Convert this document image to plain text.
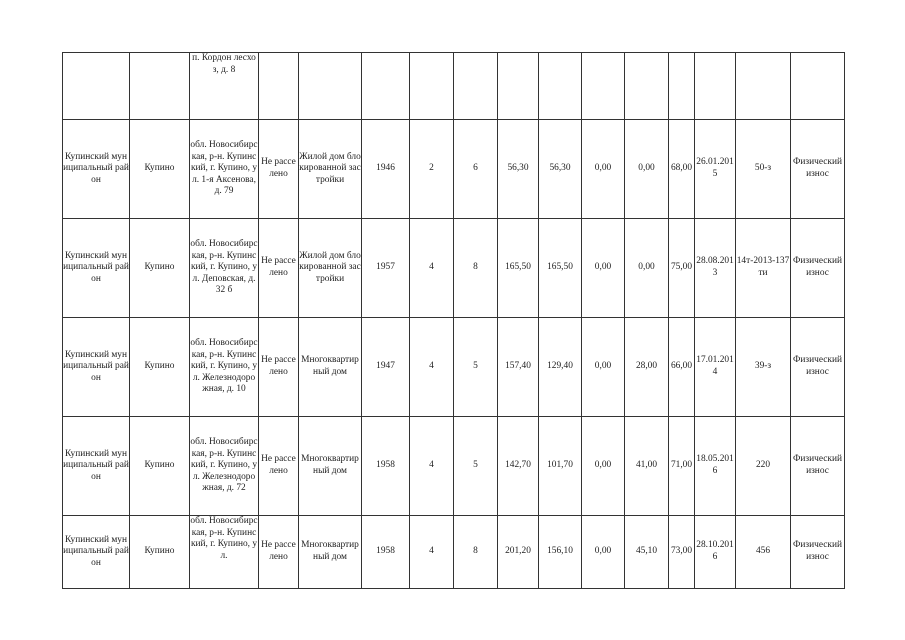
		п. Кордон лесхоз, д. 8													
Купинский муниципальный район	Купино	обл. Новосибирская, р-н. Купинский, г. Купино, ул. 1-я Аксенова, д. 79	Не расселено	Жилой дом блокированной застройки	1946	2	6	56,30	56,30	0,00	0,00	68,00	26.01.2015	50-з	Физический износ
Купинский муниципальный район	Купино	обл. Новосибирская, р-н. Купинский, г. Купино, ул. Деповская, д. 32 б	Не расселено	Жилой дом блокированной застройки	1957	4	8	165,50	165,50	0,00	0,00	75,00	28.08.2013	14т-2013-137ти	Физический износ
Купинский муниципальный район	Купино	обл. Новосибирская, р-н. Купинский, г. Купино, ул. Железнодорожная, д. 10	Не расселено	Многоквартирный дом	1947	4	5	157,40	129,40	0,00	28,00	66,00	17.01.2014	39-з	Физический износ
Купинский муниципальный район	Купино	обл. Новосибирская, р-н. Купинский, г. Купино, ул. Железнодорожная, д. 72	Не расселено	Многоквартирный дом	1958	4	5	142,70	101,70	0,00	41,00	71,00	18.05.2016	220	Физический износ
Купинский муниципальный район	Купино	обл. Новосибирская, р-н. Купинский, г. Купино, ул.	Не расселено	Многоквартирный дом	1958	4	8	201,20	156,10	0,00	45,10	73,00	28.10.2016	456	Физический износ
